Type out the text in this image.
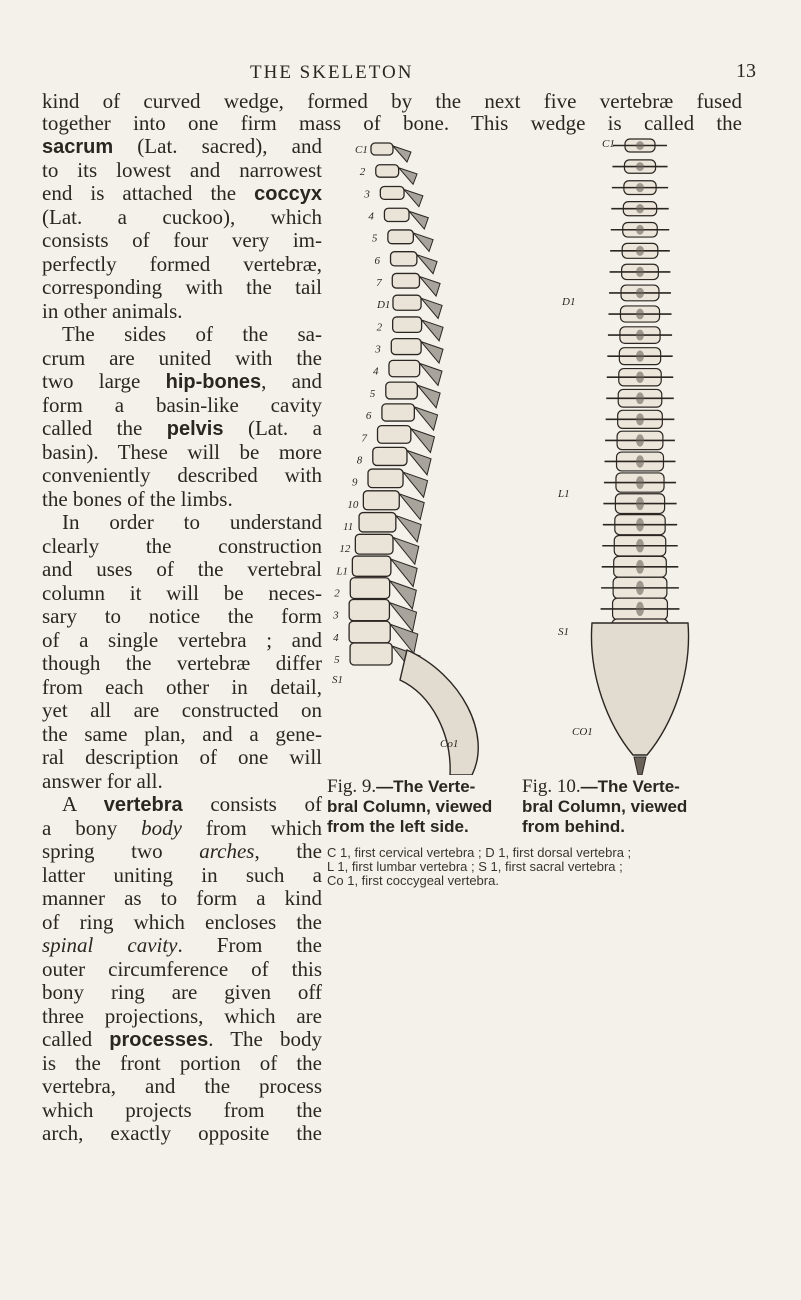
THE SKELETON	13
kind of curved wedge, formed by the next five vertebræ fused
together into one firm mass of bone. This wedge is called the
sacrum (Lat. sacred), and
to its lowest and narrowest
end is attached the coccyx
(Lat. a cuckoo), which
consists of four very im-
perfectly formed vertebræ,
corresponding with the tail
in other animals.
The sides of the sa-
crum are united with the
two large hip-bones, and
form a basin-like cavity
called the pelvis (Lat. a
basin). These will be more
conveniently described with
the bones of the limbs.
In order to understand
clearly the construction
and uses of the vertebral
column it will be neces-
sary to notice the form
of a single vertebra ; and
though the vertebræ differ
from each other in detail,
yet all are constructed on
the same plan, and a gene-
ral description of one will
answer for all.
A vertebra consists of
a bony body from which
spring two arches, the
latter uniting in such a
manner as to form a kind
of ring which encloses the
spinal cavity. From the
outer circumference of this
bony ring are given off
three projections, which are
called processes. The body
is the front portion of the
vertebra, and the process
which projects from the
arch, exactly opposite the
C1
2
3
4
5
6
7
D1
2
3
4
5
6
7
8
9
10
11
12
L1
2
3
4
5
S1
Co1
C1
D1
L1
S1
CO1
Fig. 9.—The Verte-
bral Column, viewed
from the left side.
Fig. 10.—The Verte-
bral Column, viewed
from behind.
C 1, first cervical vertebra ; D 1, first dorsal vertebra ;
L 1, first lumbar vertebra ; S 1, first sacral vertebra ;
Co 1, first coccygeal vertebra.
